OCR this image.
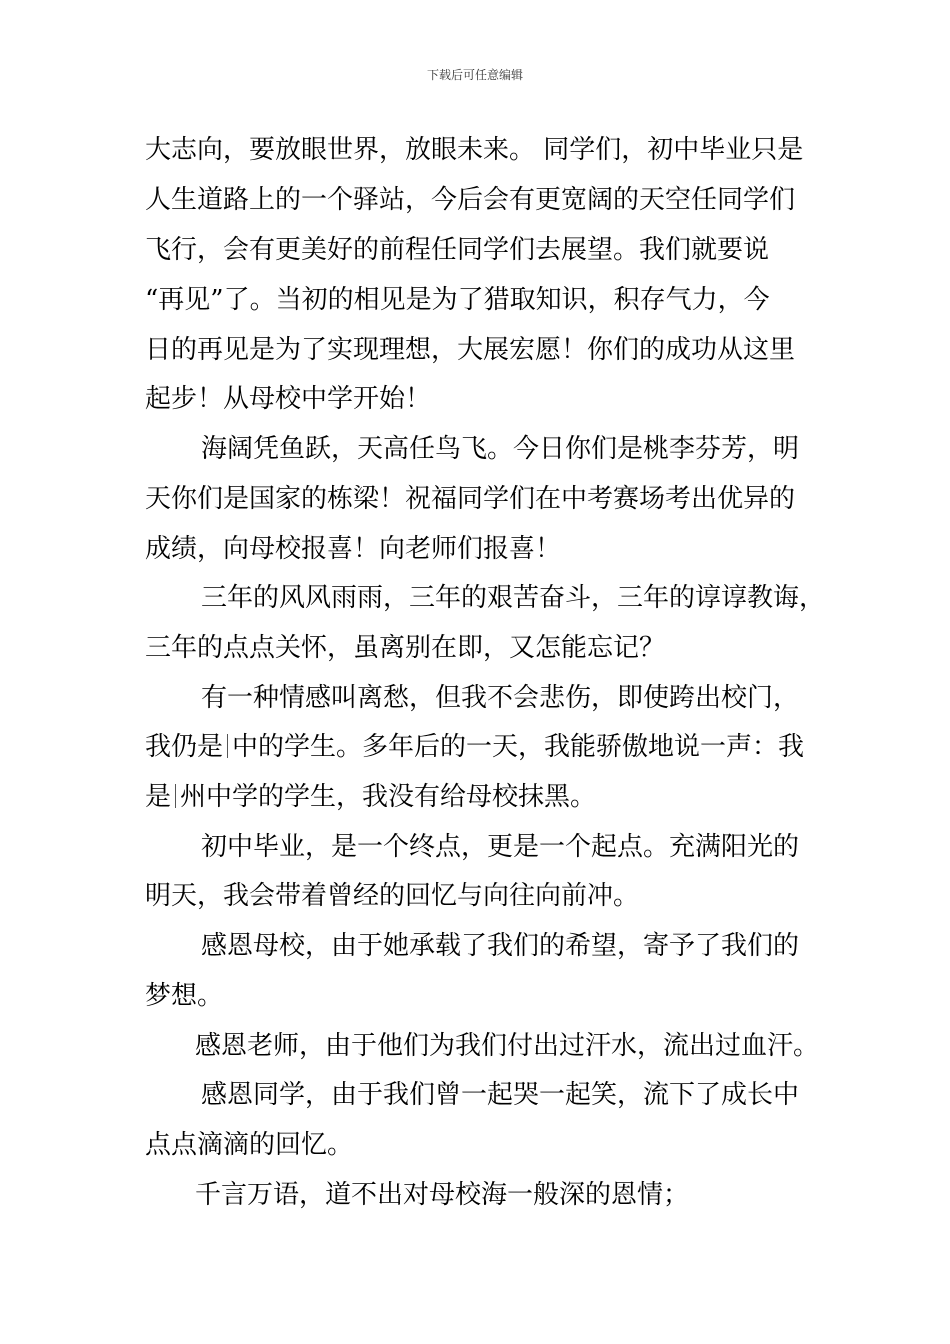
下载后可任意编辑
大志向，要放眼世界，放眼未来。 同学们，初中毕业只是
人生道路上的一个驿站，今后会有更宽阔的天空任同学们
飞行，会有更美好的前程任同学们去展望。我们就要说
“再见”了。当初的相见是为了猎取知识，积存气力，今
日的再见是为了实现理想，大展宏愿！你们的成功从这里
起步！从母校中学开始！
海阔凭鱼跃，天高任鸟飞。今日你们是桃李芬芳，明
天你们是国家的栋梁！祝福同学们在中考赛场考出优异的
成绩，向母校报喜！向老师们报喜！
三年的风风雨雨，三年的艰苦奋斗，三年的谆谆教诲，
三年的点点关怀，虽离别在即，又怎能忘记？
有一种情感叫离愁，但我不会悲伤，即使跨出校门，
我仍是 中的学生。多年后的一天，我能骄傲地说一声：我
是 州中学的学生，我没有给母校抹黑。
初中毕业，是一个终点，更是一个起点。充满阳光的
明天，我会带着曾经的回忆与向往向前冲。
感恩母校，由于她承载了我们的希望，寄予了我们的
梦想。
感恩老师，由于他们为我们付出过汗水，流出过血汗。
感恩同学，由于我们曾一起哭一起笑，流下了成长中
点点滴滴的回忆。
千言万语，道不出对母校海一般深的恩情；
